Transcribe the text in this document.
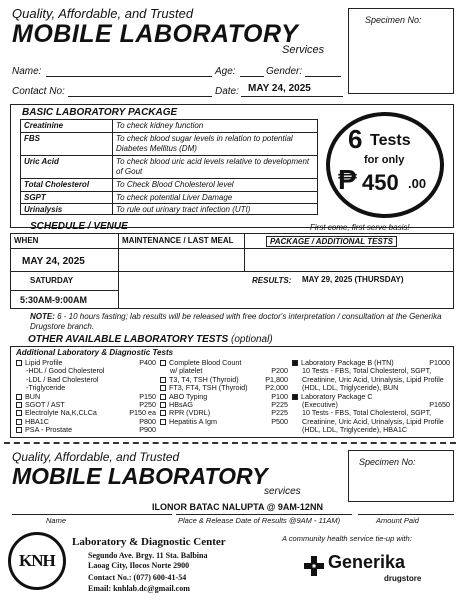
Quality, Affordable, and Trusted
MOBILE LABORATORY
Services
Specimen No:
Name:	Age:	Gender:
Contact No:	Date: MAY 24, 2025
BASIC LABORATORY PACKAGE
Creatinine	To check kidney function
FBS	To check blood sugar levels in relation to potential Diabetes Mellitus (DM)
Uric Acid	To check blood uric acid levels relative to development of Gout
Total Cholesterol	To Check Blood Cholesterol level
SGPT	To check potential Liver Damage
Urinalysis	To rule out urinary tract infection (UTI)
6 Tests
for only
₱ 450 .00
SCHEDULE / VENUE	First come, first serve basis!
WHEN	MAINTENANCE / LAST MEAL	PACKAGE / ADDITIONAL TESTS
MAY 24, 2025
SATURDAY
5:30AM-9:00AM
RESULTS: MAY 29, 2025 (THURSDAY)
NOTE: 6 - 10 hours fasting; lab results will be released with free doctor's interpretation / consultation at the Generika Drugstore branch.
OTHER AVAILABLE LABORATORY TESTS (optional)
Additional Laboratory & Diagnostic Tests
Lipid Profile	P400
-HDL / Good Cholesterol
-LDL / Bad Cholesterol
-Triglyceride
BUN	P150
SGOT / AST	P250
Electrolyte Na,K,CLCa	P150 ea
HBA1C	P800
PSA - Prostate	P900
Complete Blood Count
w/ platelet	P200
T3, T4, TSH (Thyroid)	P1,800
FT3, FT4, TSH (Thyroid) P2,000
ABO Typing	P100
HBsAG	P225
RPR (VDRL)	P225
Hepatitis A Igm	P500
Laboratory Package B (HTN)	P1000
10 Tests - FBS, Total Cholesterol, SGPT, Creatinine, Uric Acid, Urinalysis, Lipid Profile (HDL, LDL, Triglyceride), BUN
Laboratory Package C
(Executive)	P1650
10 Tests - FBS, Total Cholesterol, SGPT, Creatinine, Uric Acid, Urinalysis, Lipid Profile (HDL, LDL, Triglyceride), HBA1C
Quality, Affordable, and Trusted
MOBILE LABORATORY
services
Specimen No:
ILONOR BATAC NALUPTA @ 9AM-12NN
Name	Place & Release Date of Results @9AM - 11AM)	Amount Paid
KNH
Laboratory & Diagnostic Center
Segundo Ave. Brgy. 11 Sta. Balbina
Laoag City, Ilocos Norte 2900
Contact No.: (077) 600-41-54
Email: knhlab.dc@gmail.com
A community health service tie-up with:
Generika
drugstore
